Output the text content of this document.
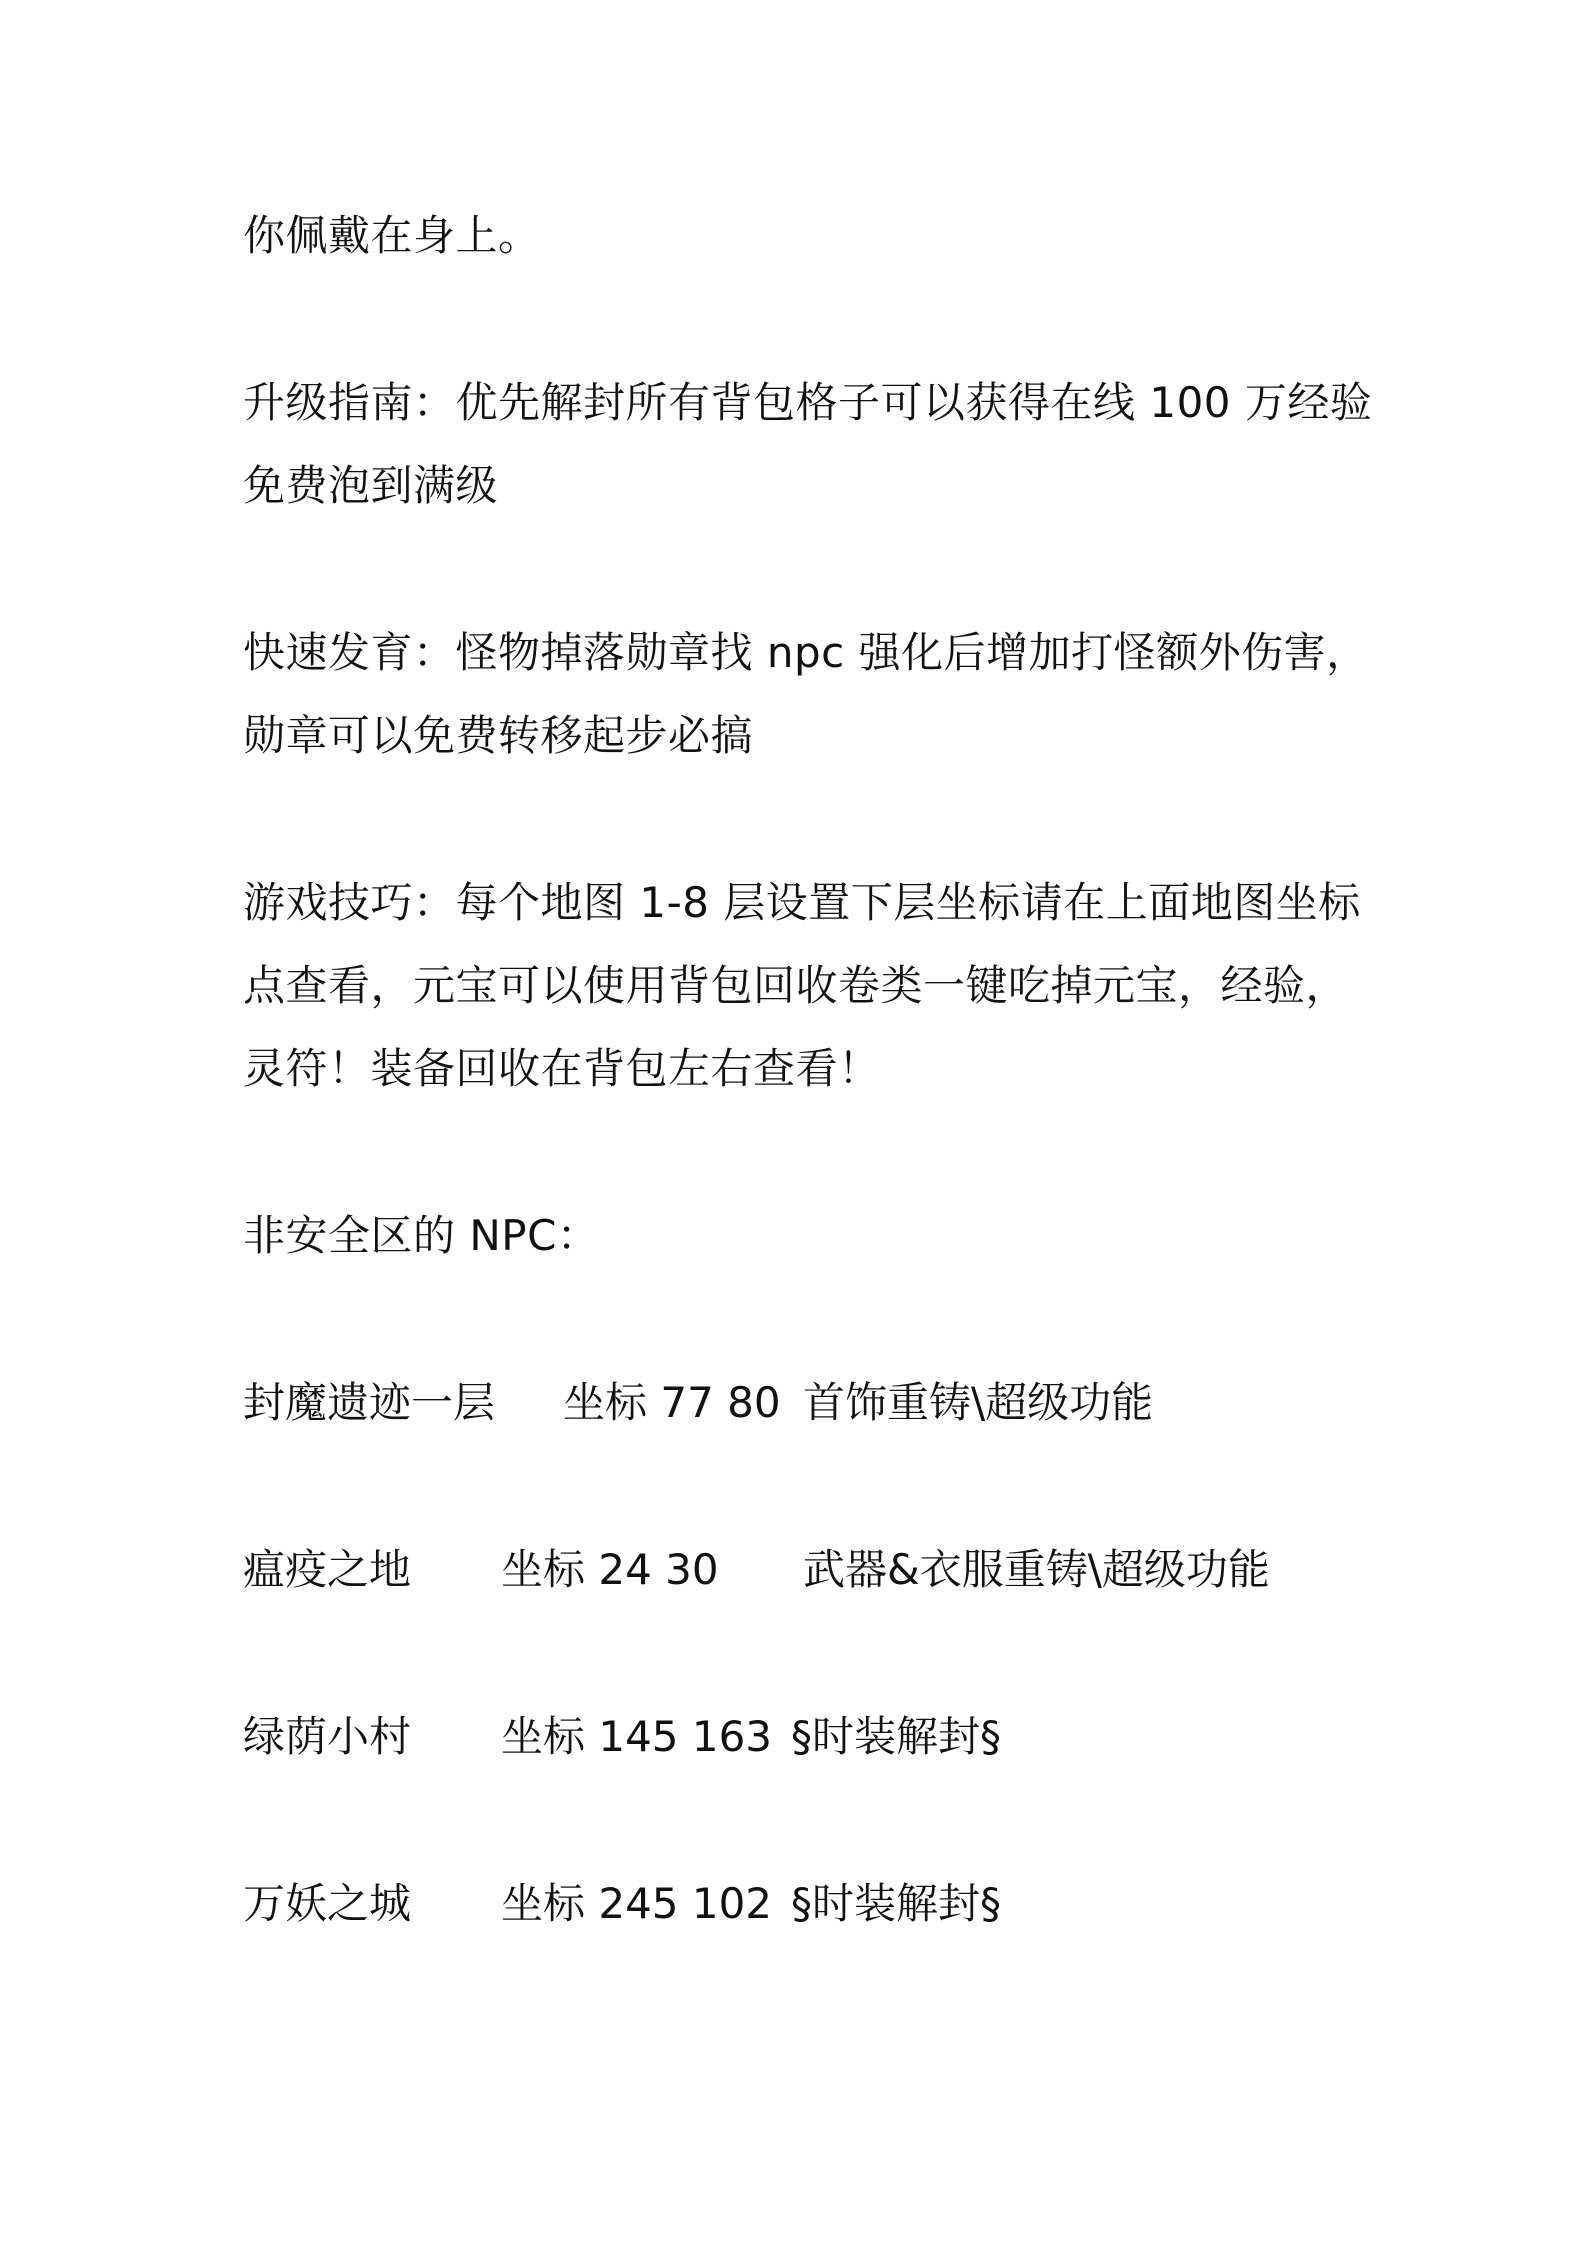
你佩戴在身上。
升级指南：优先解封所有背包格子可以获得在线 100 万经验
免费泡到满级
快速发育：怪物掉落勋章找 npc 强化后增加打怪额外伤害，
勋章可以免费转移起步必搞
游戏技巧：每个地图 1-8 层设置下层坐标请在上面地图坐标
点查看，元宝可以使用背包回收卷类一键吃掉元宝，经验，
灵符！装备回收在背包左右查看！
非安全区的 NPC：
封魔遗迹一层 坐标 77 80 首饰重铸\超级功能
瘟疫之地 坐标 24 30 武器&衣服重铸\超级功能
绿荫小村 坐标 145 163 §时装解封§
万妖之城 坐标 245 102 §时装解封§
